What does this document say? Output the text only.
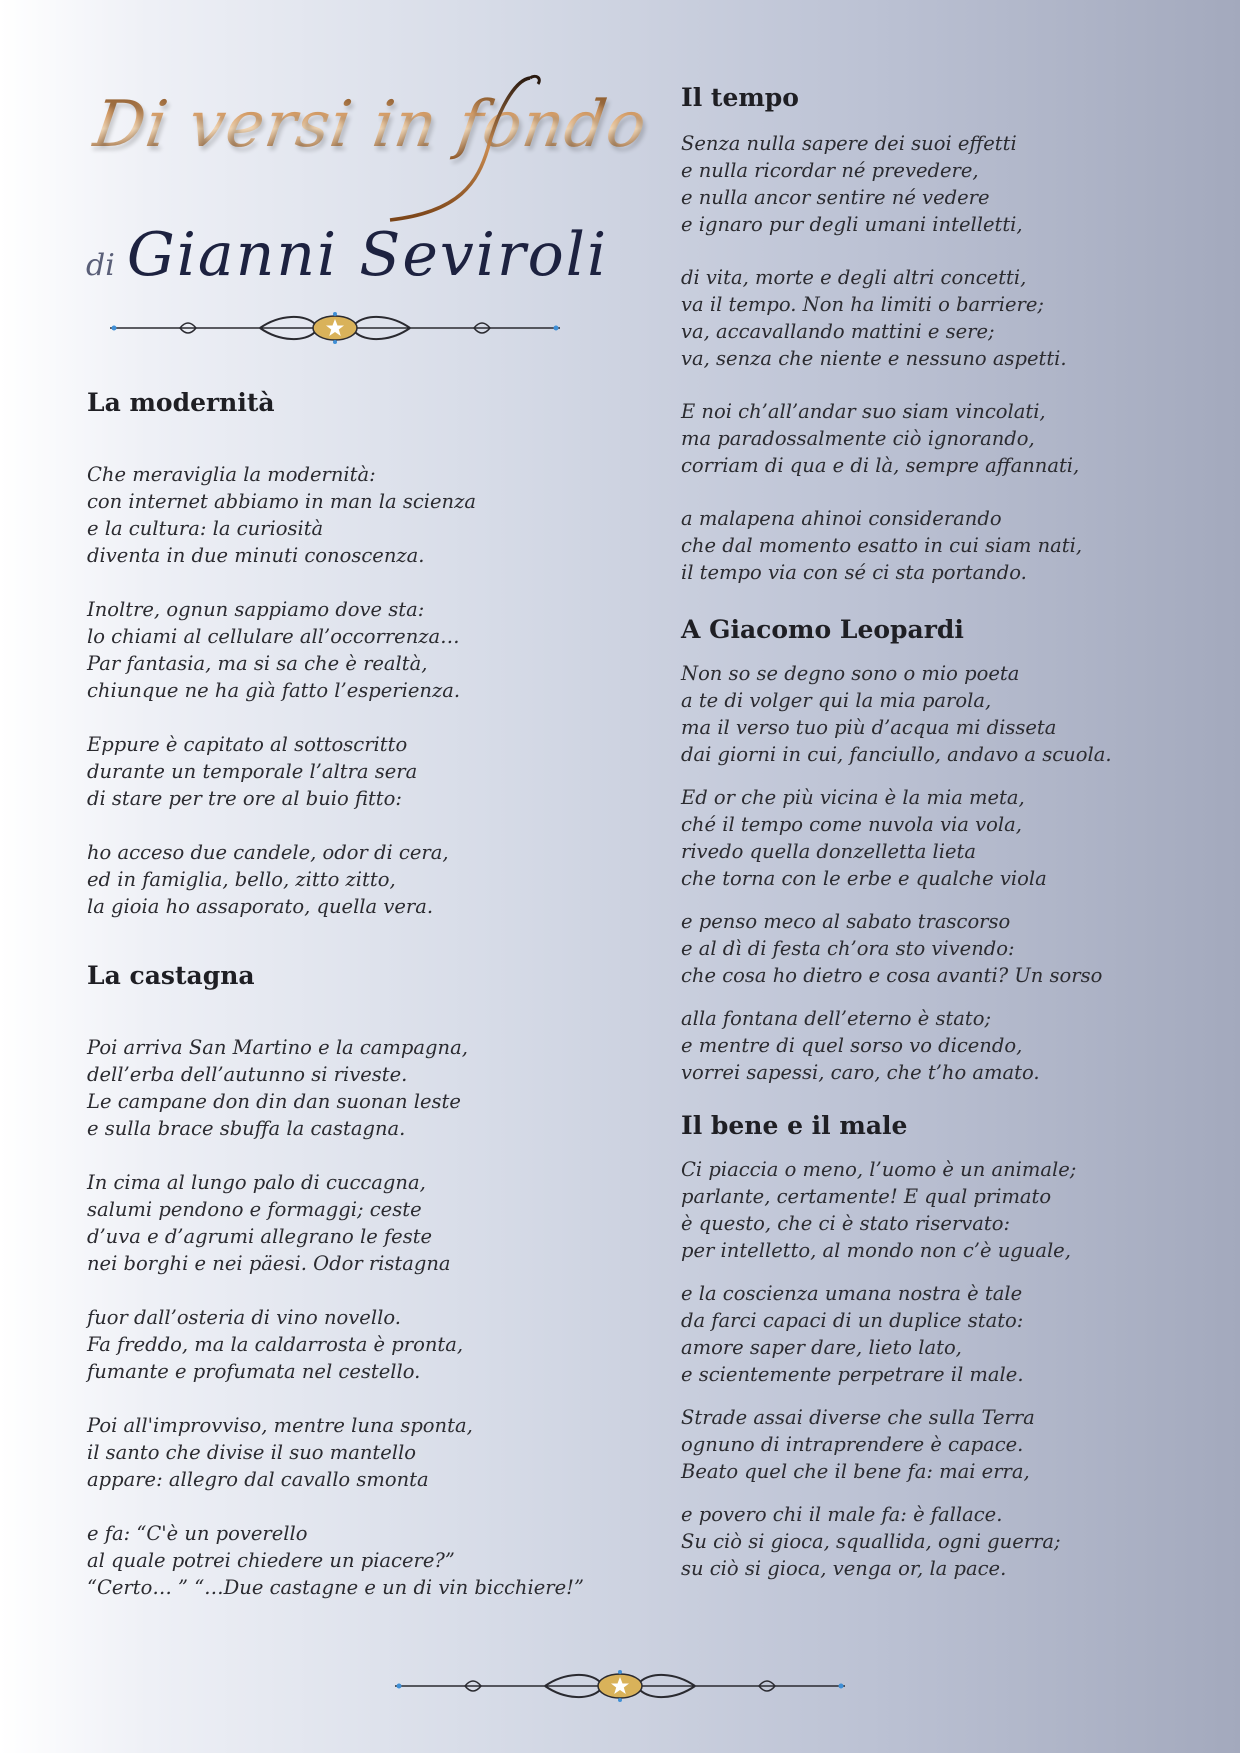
Di versi in fondo
di Gianni Seviroli
La modernità

Che meraviglia la modernità:
con internet abbiamo in man la scienza
e la cultura: la curiosità
diventa in due minuti conoscenza.

Inoltre, ognun sappiamo dove sta:
lo chiami al cellulare all’occorrenza…
Par fantasia, ma si sa che è realtà,
chiunque ne ha già fatto l’esperienza.

Eppure è capitato al sottoscritto
durante un temporale l’altra sera
di stare per tre ore al buio fitto:

ho acceso due candele, odor di cera,
ed in famiglia, bello, zitto zitto,
la gioia ho assaporato, quella vera.

La castagna

Poi arriva San Martino e la campagna,
dell’erba dell’autunno si riveste.
Le campane don din dan suonan leste
e sulla brace sbuffa la castagna.

In cima al lungo palo di cuccagna,
salumi pendono e formaggi; ceste
d’uva e d’agrumi allegrano le feste
nei borghi e nei päesi. Odor ristagna

fuor dall’osteria di vino novello.
Fa freddo, ma la caldarrosta è pronta,
fumante e profumata nel cestello.

Poi all'improvviso, mentre luna sponta,
il santo che divise il suo mantello
appare: allegro dal cavallo smonta

e fa: “C'è un poverello
al quale potrei chiedere un piacere?”
“Certo… ” “…Due castagne e un di vin bicchiere!”

Il tempo

Senza nulla sapere dei suoi effetti
e nulla ricordar né prevedere,
e nulla ancor sentire né vedere
e ignaro pur degli umani intelletti,

di vita, morte e degli altri concetti,
va il tempo. Non ha limiti o barriere;
va, accavallando mattini e sere;
va, senza che niente e nessuno aspetti.

E noi ch’all’andar suo siam vincolati,
ma paradossalmente ciò ignorando,
corriam di qua e di là, sempre affannati,

a malapena ahinoi considerando
che dal momento esatto in cui siam nati,
il tempo via con sé ci sta portando.

A Giacomo Leopardi

Non so se degno sono o mio poeta
a te di volger qui la mia parola,
ma il verso tuo più d’acqua mi disseta
dai giorni in cui, fanciullo, andavo a scuola.

Ed or che più vicina è la mia meta,
ché il tempo come nuvola via vola,
rivedo quella donzelletta lieta
che torna con le erbe e qualche viola

e penso meco al sabato trascorso
e al dì di festa ch’ora sto vivendo:
che cosa ho dietro e cosa avanti? Un sorso

alla fontana dell’eterno è stato;
e mentre di quel sorso vo dicendo,
vorrei sapessi, caro, che t’ho amato.

Il bene e il male

Ci piaccia o meno, l’uomo è un animale;
parlante, certamente! E qual primato
è questo, che ci è stato riservato:
per intelletto, al mondo non c’è uguale,

e la coscienza umana nostra è tale
da farci capaci di un duplice stato:
amore saper dare, lieto lato,
e scientemente perpetrare il male.

Strade assai diverse che sulla Terra
ognuno di intraprendere è capace.
Beato quel che il bene fa: mai erra,

e povero chi il male fa: è fallace.
Su ciò si gioca, squallida, ogni guerra;
su ciò si gioca, venga or, la pace.
